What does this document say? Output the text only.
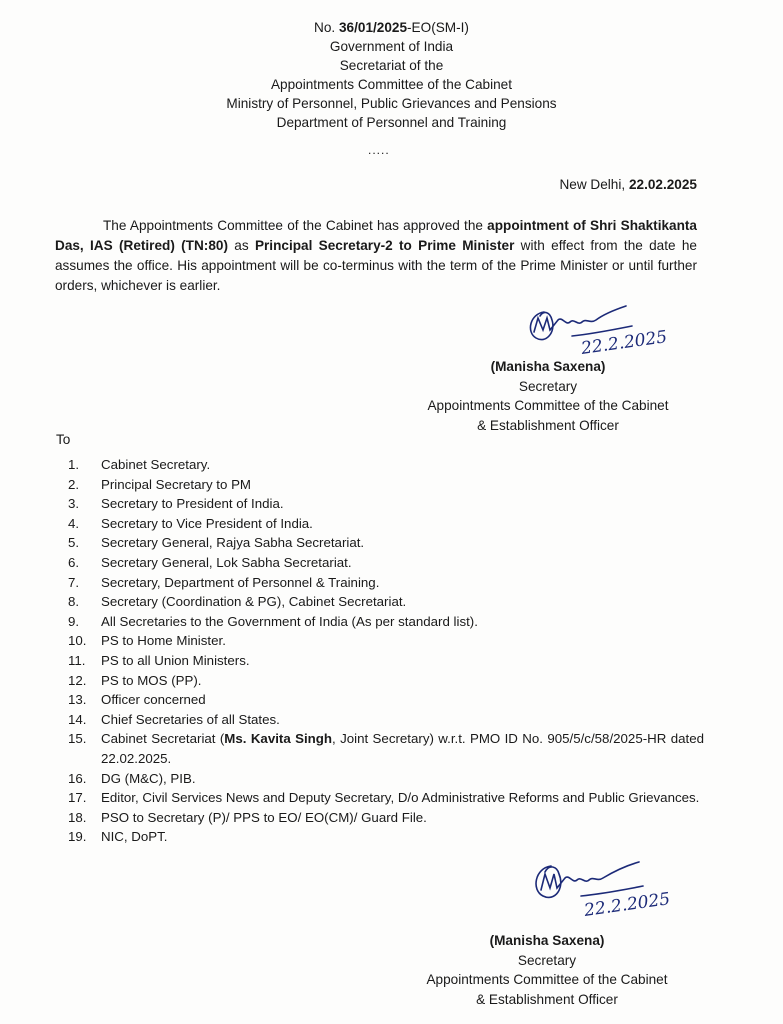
No. 36/01/2025-EO(SM-I)
Government of India
Secretariat of the
Appointments Committee of the Cabinet
Ministry of Personnel, Public Grievances and Pensions
Department of Personnel and Training
.....
New Delhi, 22.02.2025
The Appointments Committee of the Cabinet has approved the appointment of Shri Shaktikanta Das, IAS (Retired) (TN:80) as Principal Secretary-2 to Prime Minister with effect from the date he assumes the office. His appointment will be co-terminus with the term of the Prime Minister or until further orders, whichever is earlier.
22.2.2025
(Manisha Saxena)
Secretary
Appointments Committee of the Cabinet
& Establishment Officer
To
1.	Cabinet Secretary.
2.	Principal Secretary to PM
3.	Secretary to President of India.
4.	Secretary to Vice President of India.
5.	Secretary General, Rajya Sabha Secretariat.
6.	Secretary General, Lok Sabha Secretariat.
7.	Secretary, Department of Personnel & Training.
8.	Secretary (Coordination & PG), Cabinet Secretariat.
9.	All Secretaries to the Government of India (As per standard list).
10.	PS to Home Minister.
11.	PS to all Union Ministers.
12.	PS to MOS (PP).
13.	Officer concerned
14.	Chief Secretaries of all States.
15.	Cabinet Secretariat (Ms. Kavita Singh, Joint Secretary) w.r.t. PMO ID No. 905/5/c/58/2025-HR dated 22.02.2025.
16.	DG (M&C), PIB.
17.	Editor, Civil Services News and Deputy Secretary, D/o Administrative Reforms and Public Grievances.
18.	PSO to Secretary (P)/ PPS to EO/ EO(CM)/ Guard File.
19.	NIC, DoPT.
22.2.2025
(Manisha Saxena)
Secretary
Appointments Committee of the Cabinet
& Establishment Officer
